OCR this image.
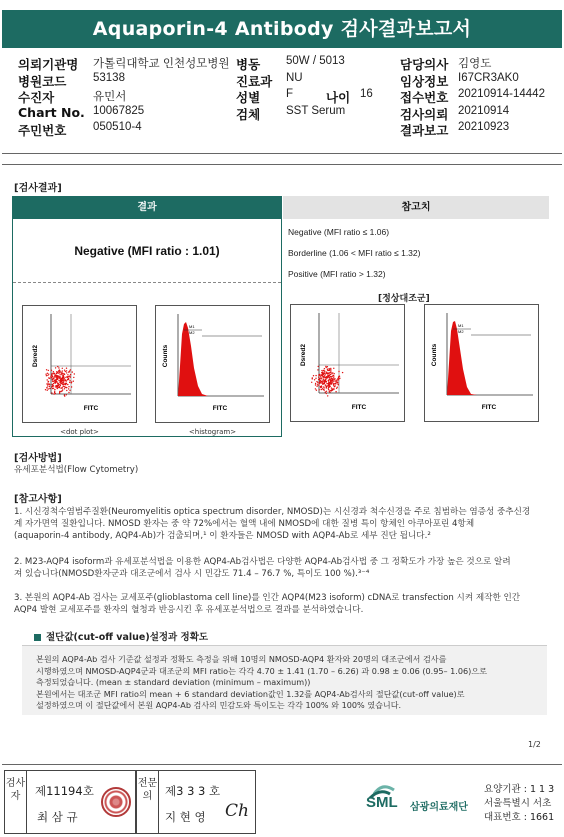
Aquaporin-4 Antibody 검사결과보고서
의뢰기관명 가톨릭대학교 인천성모병원 병동 50W / 5013	담당의사 김영도
병원코드 53138	진료과 NU	임상정보 I67CR3AK0
수진자	유민서	성별 F	나이 16 접수번호 20210914-14442
Chart No. 10067825	검체 SST Serum	검사의뢰 20210914
주민번호 050510-4	결과보고 20210923
[검사결과]
결과	참고치
Negative (MFI ratio : 1.01)
Negative (MFI ratio ≤ 1.06)
Borderline (1.06 < MFI ratio ≤ 1.32)
Positive (MFI ratio > 1.32)
[정상대조군]
Dsred2
FITC
<dot plot>
M1
M2
Counts
FITC
<histogram>
Dsred2
FITC
M1
M2
Counts
FITC
[검사방법]
유세포분석법(Flow Cytometry)
[참고사항]
1. 시신경척수염범주질환(Neuromyelitis optica spectrum disorder, NMOSD)는 시신경과 척수신경을 주로 침범하는 염증성 중추신경
계 자가면역 질환입니다. NMOSD 환자는 중 약 72%에서는 혈액 내에 NMOSD에 대한 질병 특이 항체인 아쿠아포린 4항체
(aquaporin-4 antibody, AQP4-Ab)가 검출되며,¹ 이 환자들은 NMOSD with AQP4-Ab로 세부 진단 됩니다.²
2. M23-AQP4 isoform과 유세포분석법을 이용한 AQP4-Ab검사법은 다양한 AQP4-Ab검사법 중 그 정확도가 가장 높은 것으로 알려
져 있습니다(NMOSD환자군과 대조군에서 검사 시 민감도 71.4 – 76.7 %, 특이도 100 %).³⁻⁴
3. 본원의 AQP4-Ab 검사는 교세포주(glioblastoma cell line)를 인간 AQP4(M23 isoform) cDNA로 transfection 시켜 제작한 인간
AQP4 발현 교세포주를 환자의 혈청과 반응시킨 후 유세포분석법으로 결과를 분석하였습니다.
절단값(cut-off value)설정과 정확도

본원의 AQP4-Ab 검사 기준값 설정과 정확도 측정을 위해 10명의 NMOSD-AQP4 환자와 20명의 대조군에서 검사를

시행하였으며 NMOSD-AQP4군과 대조군의 MFI ratio는 각각 4.70 ± 1.41 (1.70 – 6.26) 과 0.98 ± 0.06 (0.95– 1.06)으로

측정되었습니다. (mean ± standard deviation (minimum – maximum))

본원에서는 대조군 MFI ratio의 mean + 6 standard deviation값인 1.32를 AQP4-Ab검사의 절단값(cut-off value)로

설정하였으며 이 절단값에서 본원 AQP4-Ab 검사의 민감도와 특이도는 각각 100% 와 100% 였습니다.

1/2
검사자	제11194호
최 삼 규
전문의	제3 3 3 호
지 현 영 Ch	SML 삼광의료재단
요양기관 : 1 1 3
서울특별시 서초
대표번호 : 1661
